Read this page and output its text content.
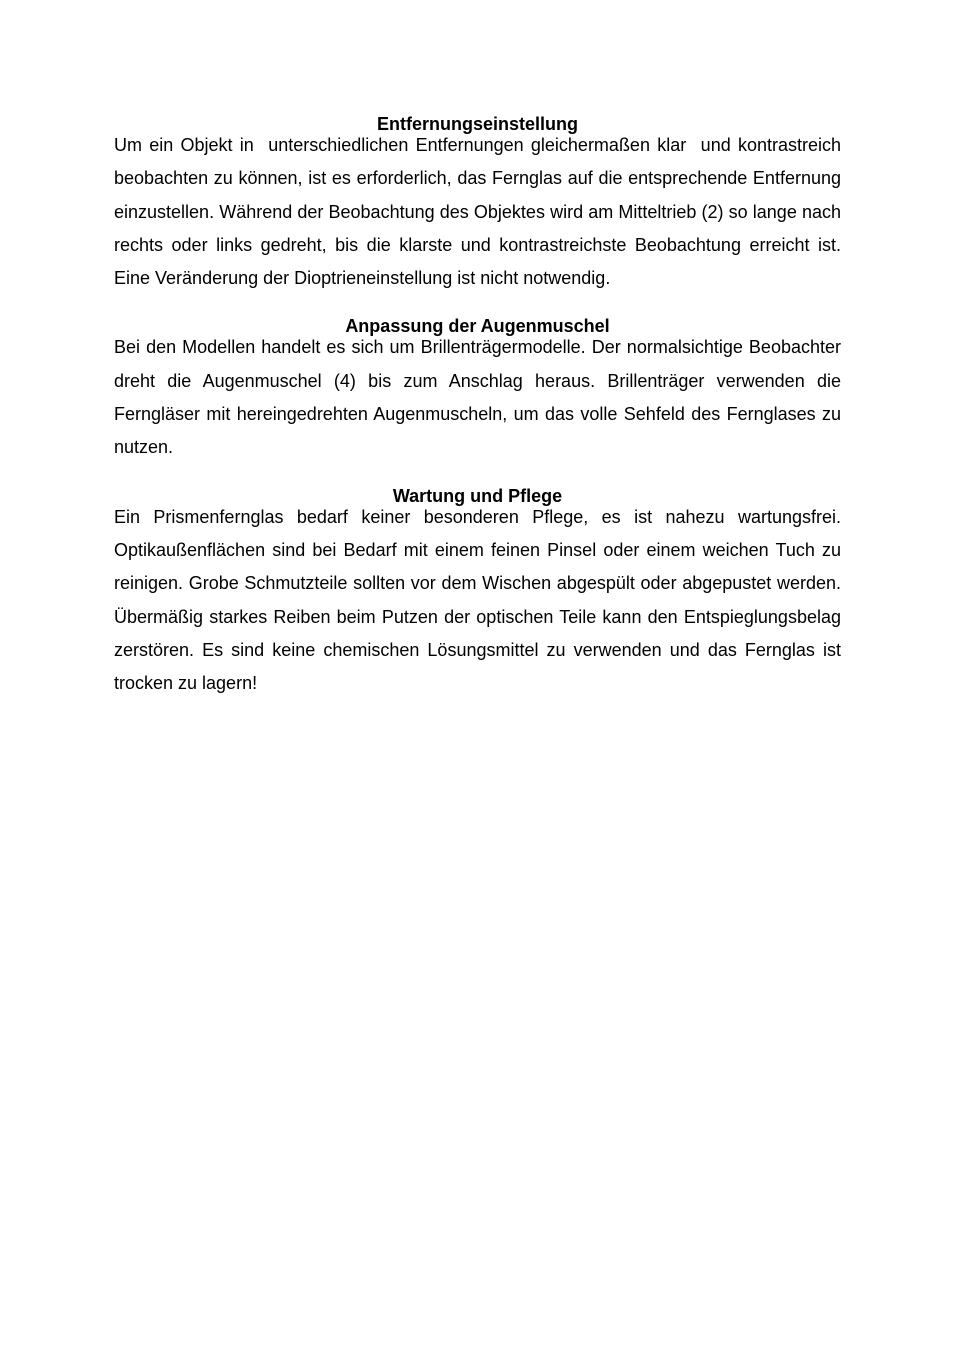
Entfernungseinstellung

Um ein Objekt in  unterschiedlichen Entfernungen gleichermaßen klar  und kontrastreich beobachten zu können, ist es erforderlich, das Fernglas auf die entsprechende Entfernung einzustellen. Während der Beobachtung des Objektes wird am Mitteltrieb (2) so lange nach rechts oder links gedreht, bis die klarste und kontrastreichste Beobachtung erreicht ist. Eine Veränderung der Dioptrieneinstellung ist nicht notwendig.

Anpassung der Augenmuschel

Bei den Modellen handelt es sich um Brillenträgermodelle. Der normalsichtige Beobachter dreht die Augenmuschel (4) bis zum Anschlag heraus. Brillenträger verwenden die Ferngläser mit hereingedrehten Augenmuscheln, um das volle Sehfeld des Fernglases zu nutzen.

Wartung und Pflege

Ein Prismenfernglas bedarf keiner besonderen Pflege, es ist nahezu wartungsfrei. Optikaußenflächen sind bei Bedarf mit einem feinen Pinsel oder einem weichen Tuch zu reinigen. Grobe Schmutzteile sollten vor dem Wischen abgespült oder abgepustet werden. Übermäßig starkes Reiben beim Putzen der optischen Teile kann den Entspieglungsbelag zerstören. Es sind keine chemischen Lösungsmittel zu verwenden und das Fernglas ist trocken zu lagern!
